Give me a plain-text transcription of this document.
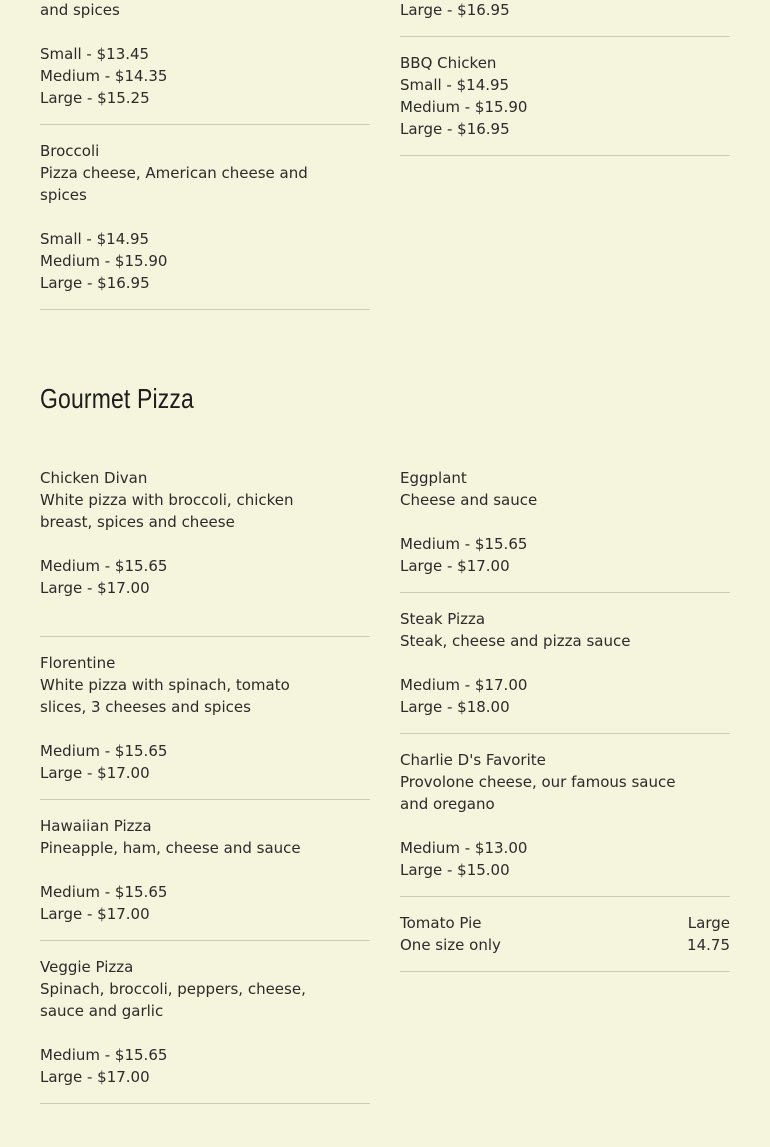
and spices
Small - $13.45
Medium - $14.35
Large - $15.25
Broccoli
Pizza cheese, American cheese and
spices
Small - $14.95
Medium - $15.90
Large - $16.95
Large - $16.95
BBQ Chicken
Small - $14.95
Medium - $15.90
Large - $16.95
Gourmet Pizza
Chicken Divan
White pizza with broccoli, chicken
breast, spices and cheese
Medium - $15.65
Large - $17.00
Florentine
White pizza with spinach, tomato
slices, 3 cheeses and spices
Medium - $15.65
Large - $17.00
Hawaiian Pizza
Pineapple, ham, cheese and sauce
Medium - $15.65
Large - $17.00
Veggie Pizza
Spinach, broccoli, peppers, cheese,
sauce and garlic
Medium - $15.65
Large - $17.00
Eggplant
Cheese and sauce
Medium - $15.65
Large - $17.00
Steak Pizza
Steak, cheese and pizza sauce
Medium - $17.00
Large - $18.00
Charlie D's Favorite
Provolone cheese, our famous sauce
and oregano
Medium - $13.00
Large - $15.00
Tomato Pie
One size only
Large
14.75
